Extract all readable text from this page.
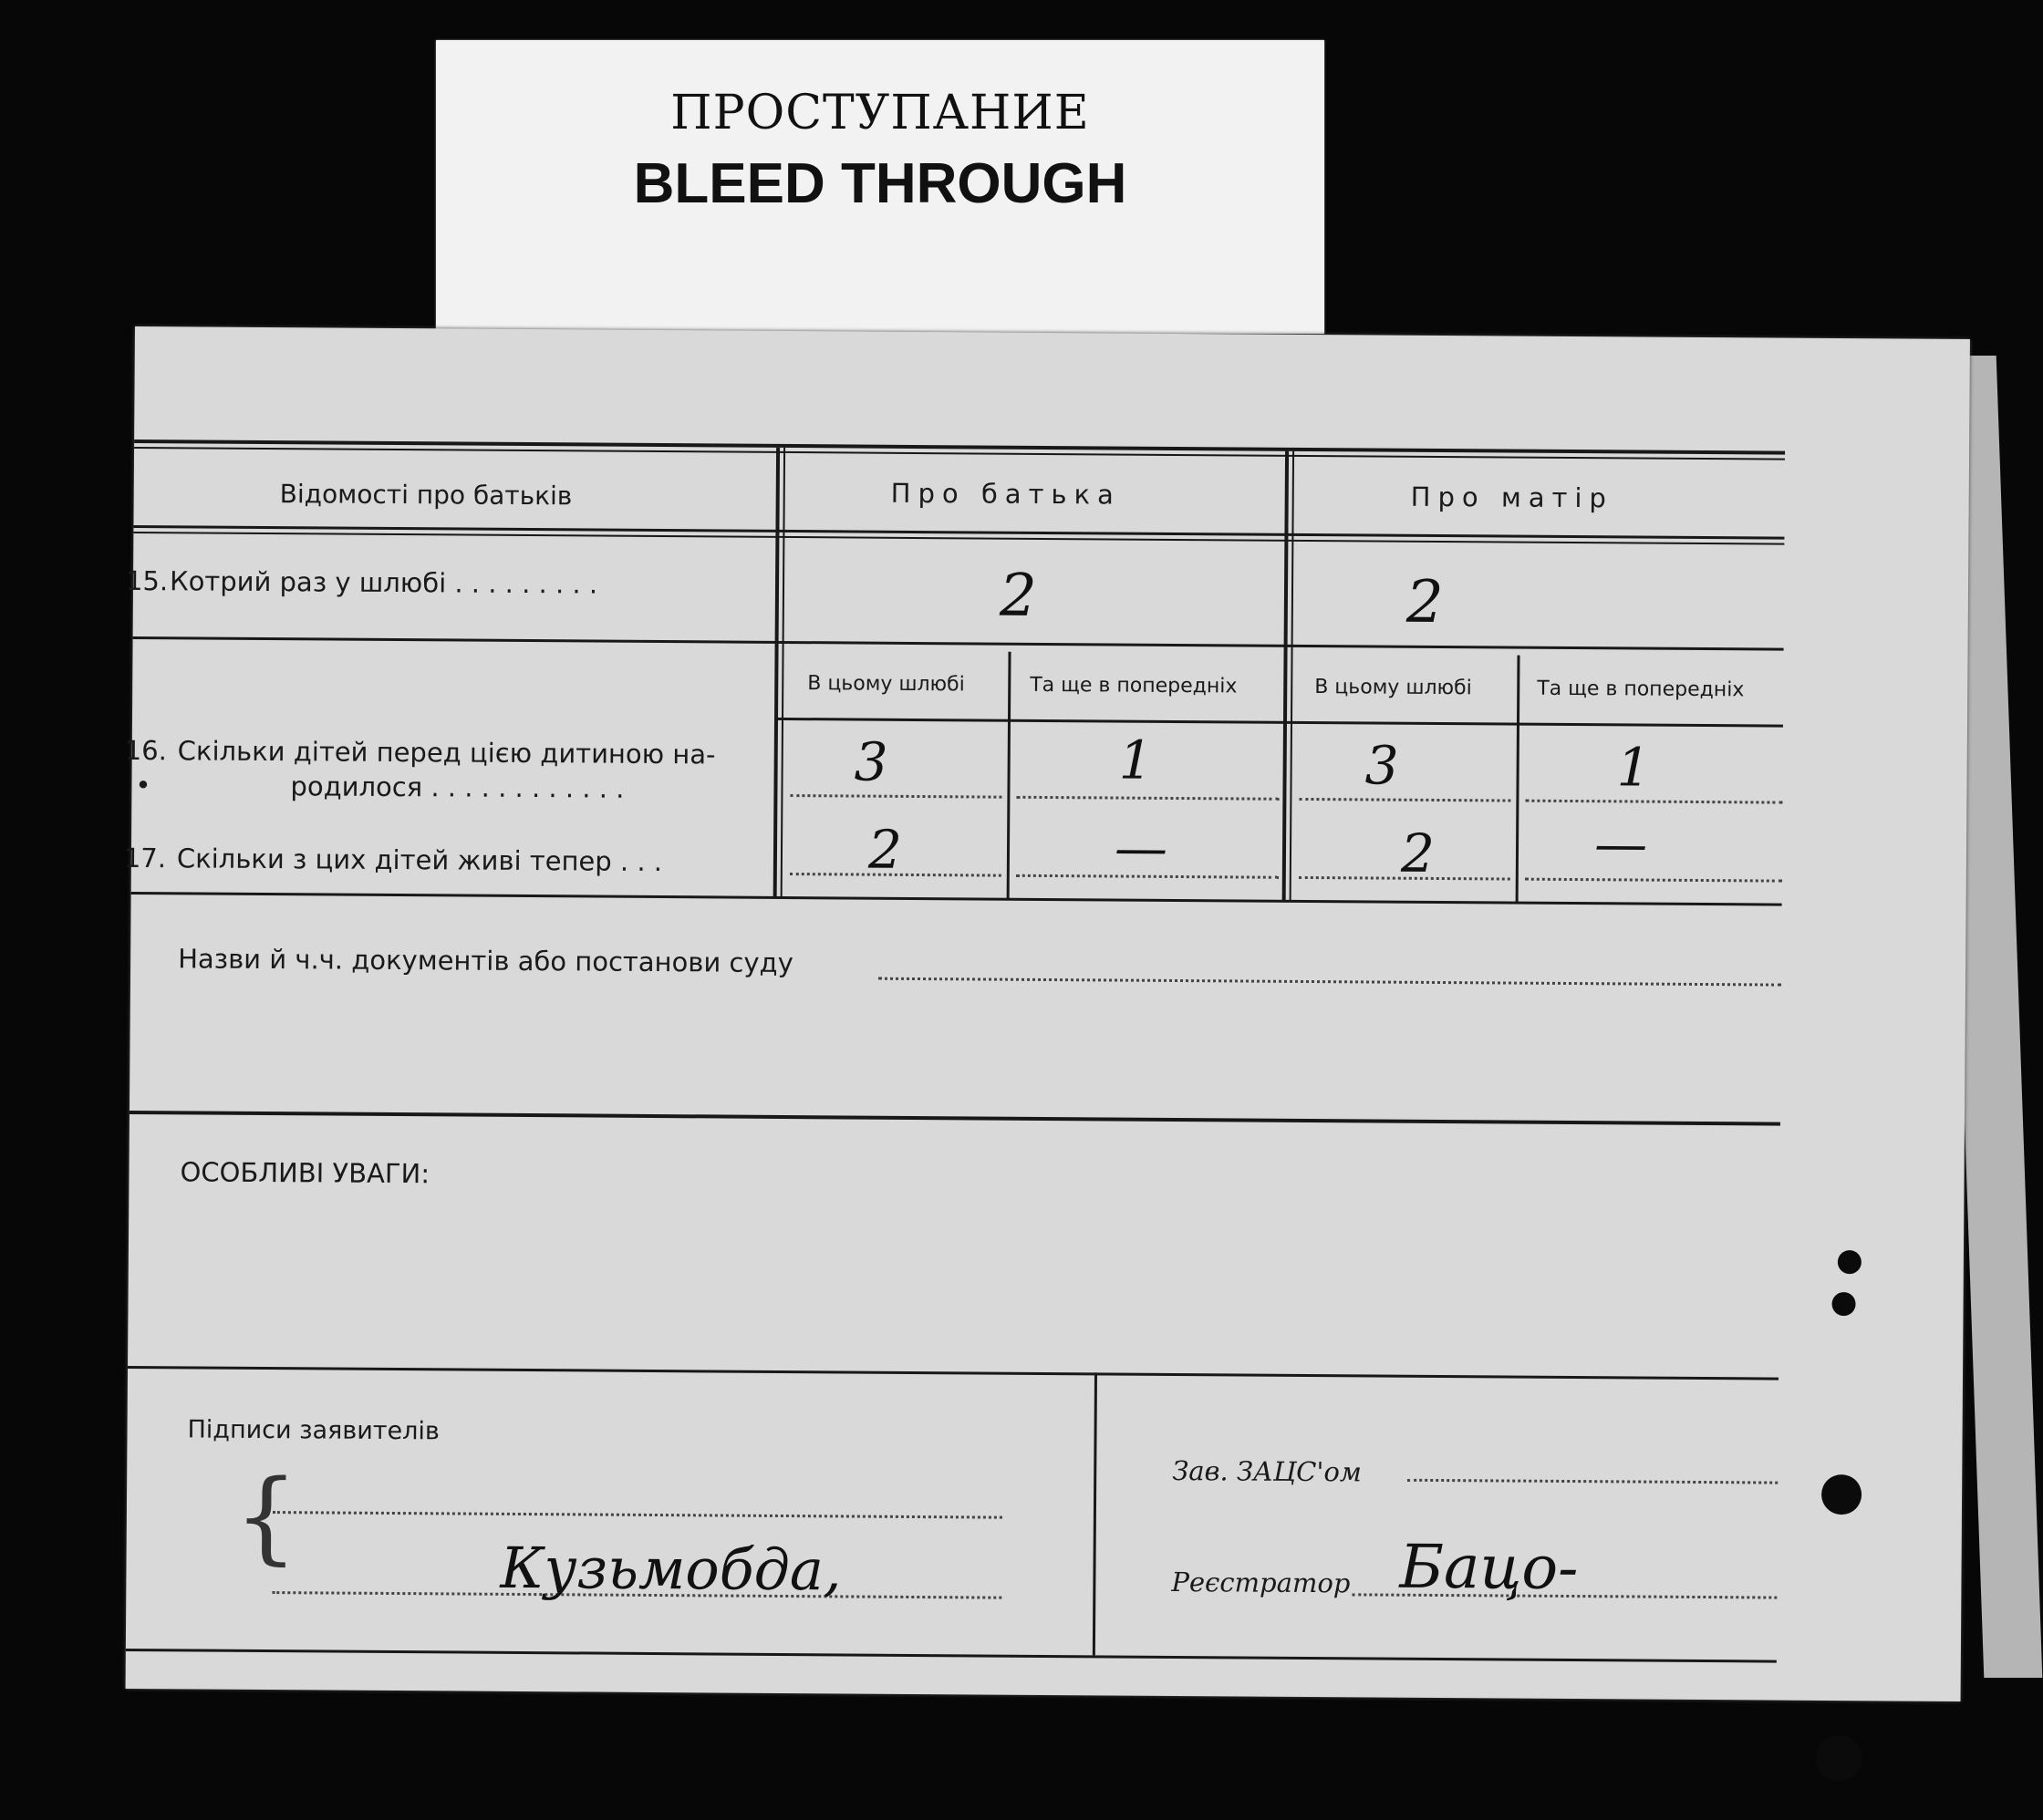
ПРОСТУПАНИЕ
BLEED THROUGH
Відомості про батьків	Про батька	Про матір
15. Котрий раз у шлюбі . . . . . . . . .	2	2
В цьому шлюбі	Та ще в попередніх	В цьому шлюбі	Та ще в попередніх
16. Скільки дітей перед цією дитиною на-
•	родилося . . . . . . . . . . . .	3	1	3	1
17. Скільки з цих дітей живі тепер . . .	2	—	2	—
Назви й ч.ч. документів або постанови суду
ОСОБЛИВІ УВАГИ:
Підписи заявителів
{	Кузьмобда,
Зав. ЗАЦС'ом
Реєстратор Бацо-
